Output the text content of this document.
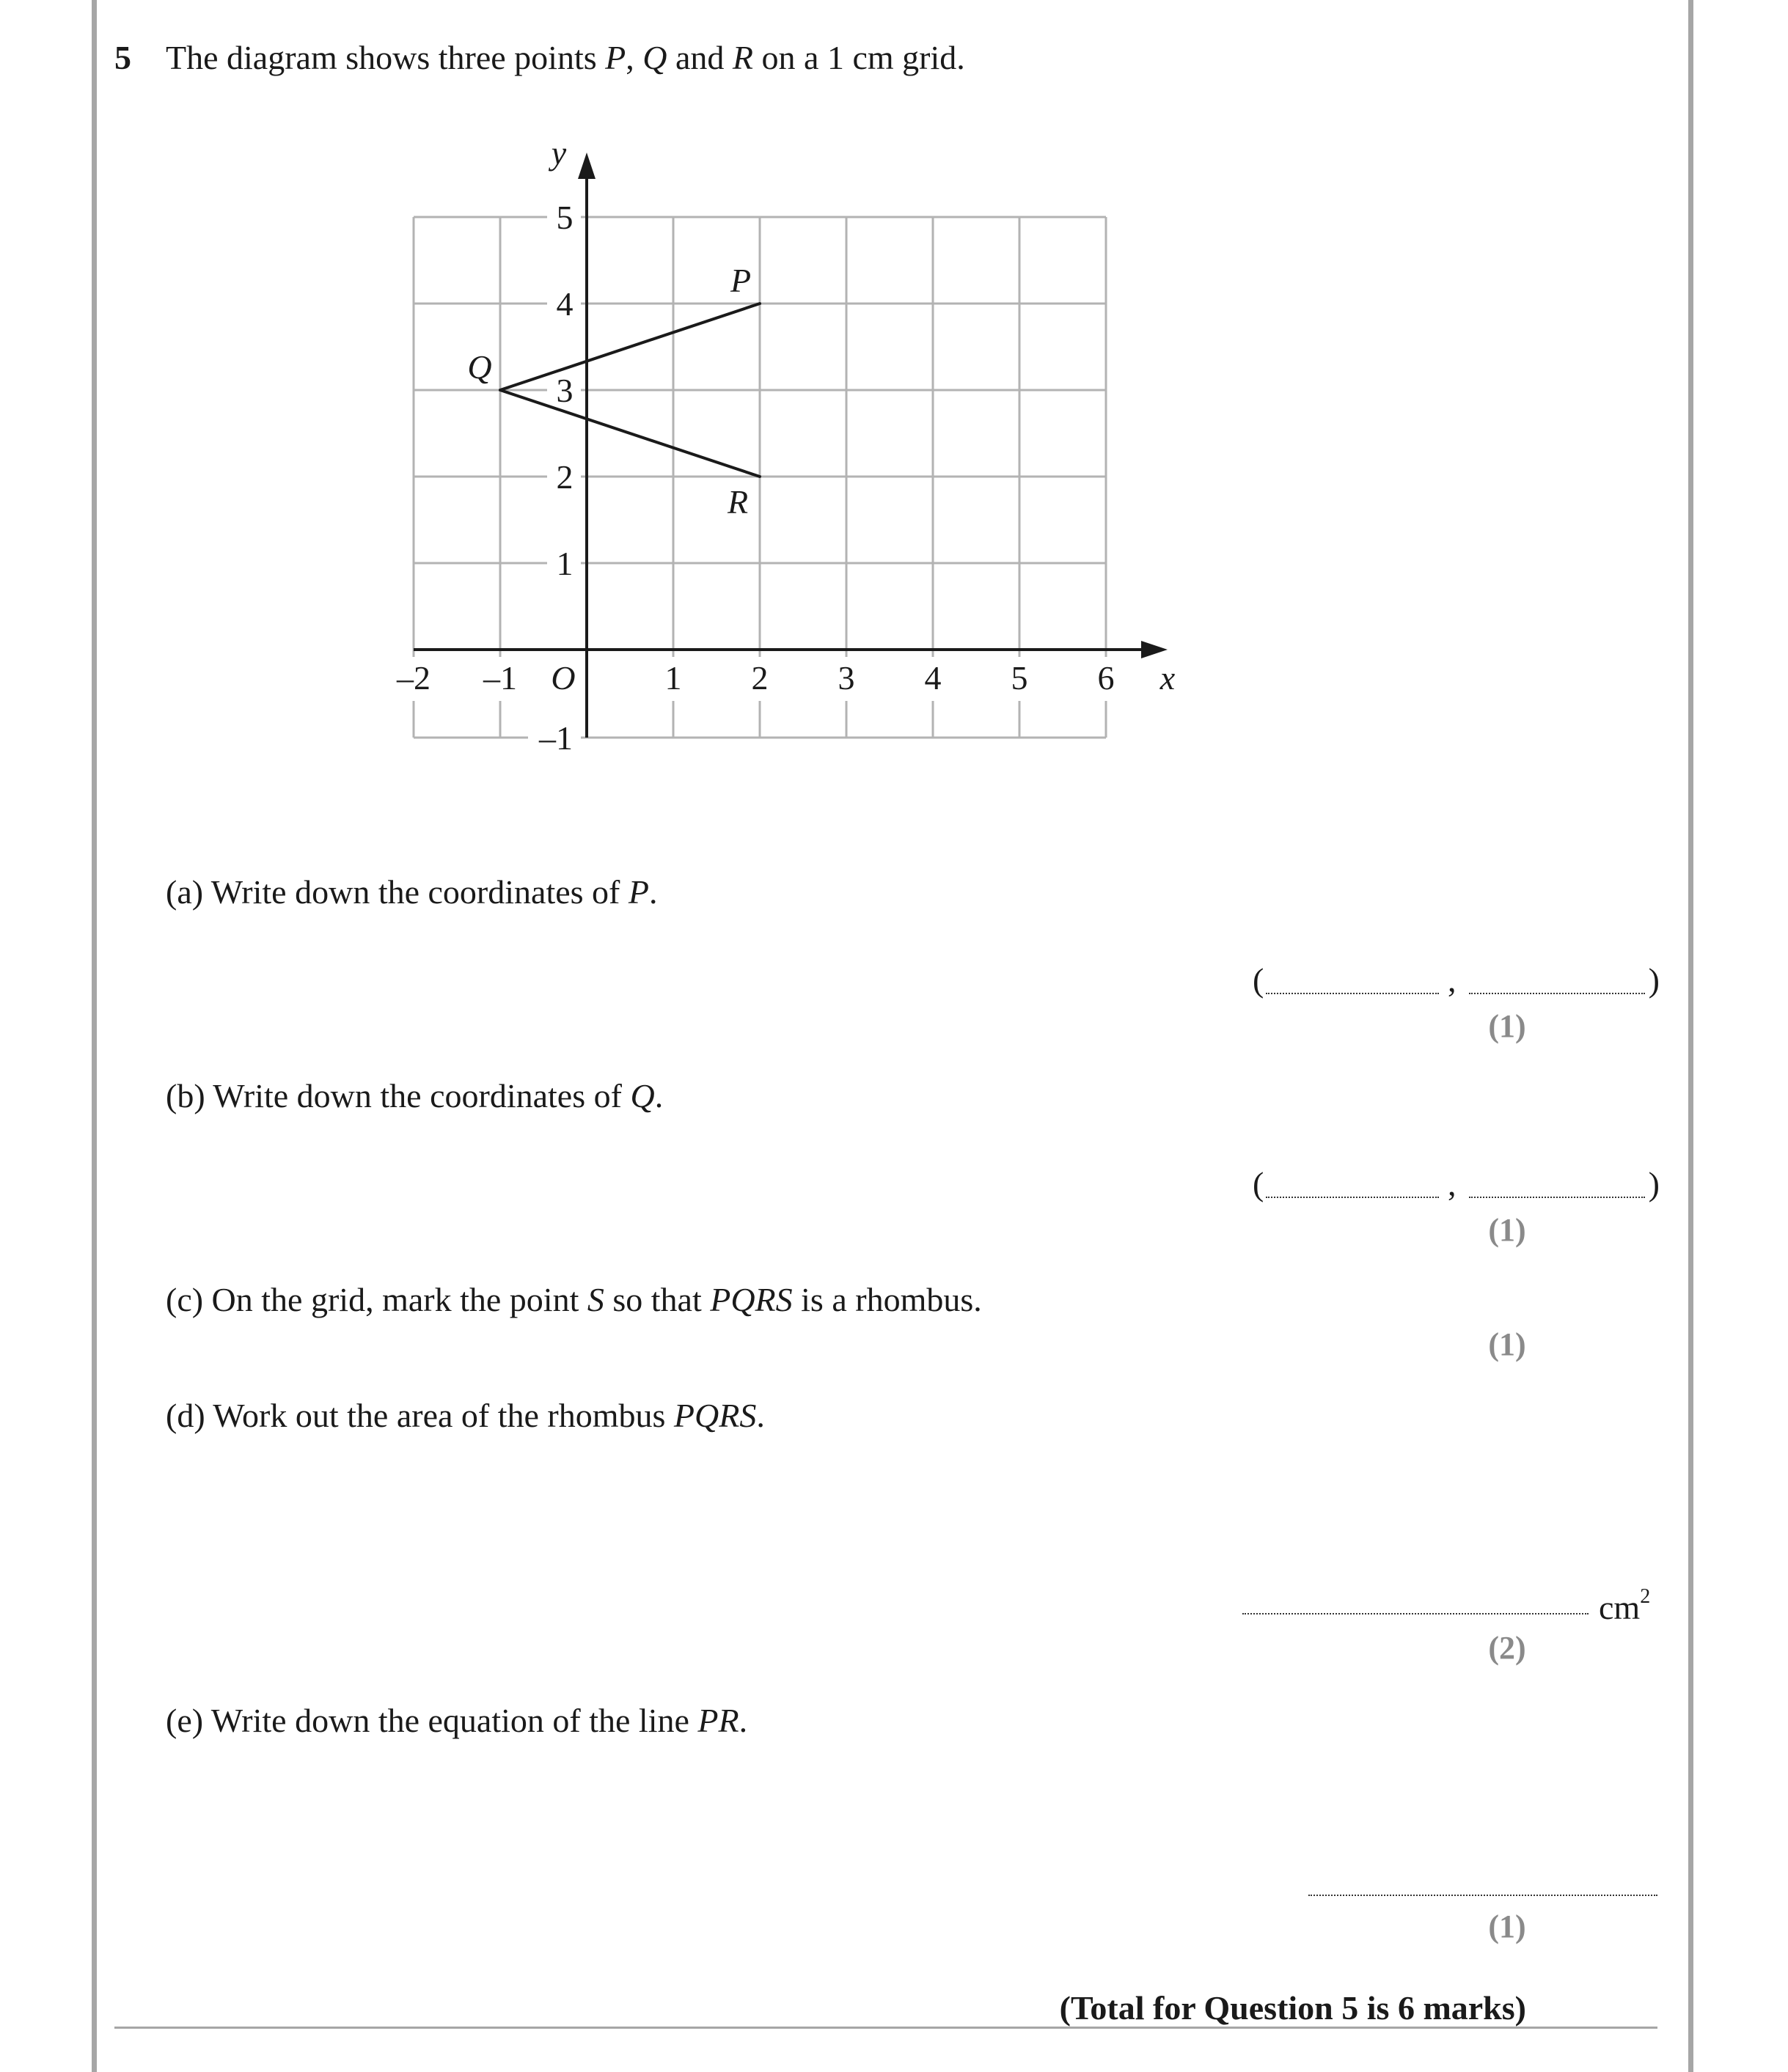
5 The diagram shows three points P, Q and R on a 1 cm grid.
–2 –1	1 2 3 4 5 6
5
4
3
2
1
–1
O	x
y
P
Q
R
(a) Write down the coordinates of P.
(	,	)
(1)
(b) Write down the coordinates of Q.
(	,	)
(1)
(c) On the grid, mark the point S so that PQRS is a rhombus.
(1)
(d) Work out the area of the rhombus PQRS.
$cm^2$
(2)
(e) Write down the equation of the line PR.
(1)
(Total for Question 5 is 6 marks)
